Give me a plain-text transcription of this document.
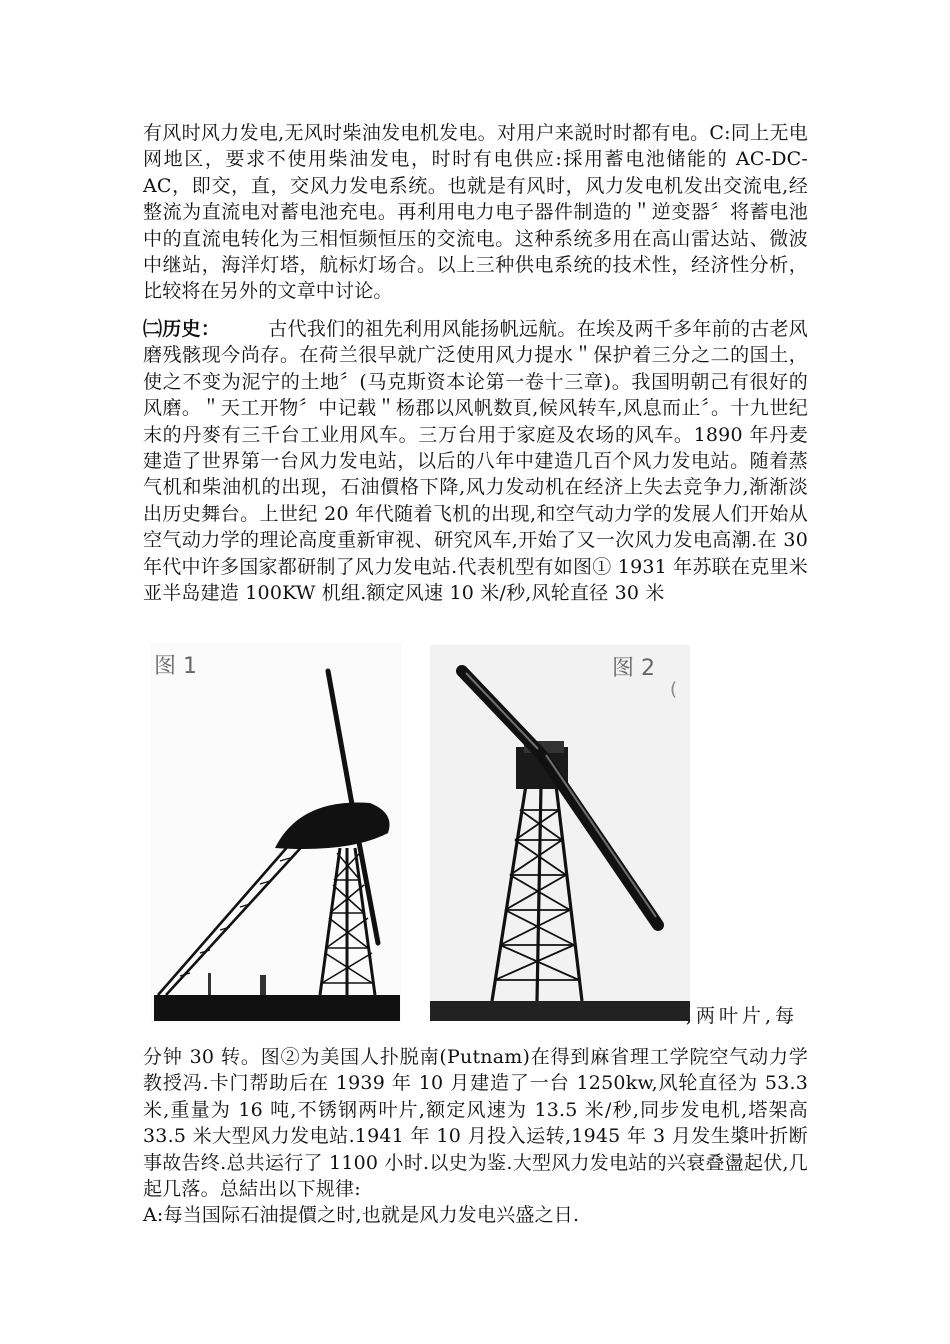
有风时风力发电,无风时柴油发电机发电。对用户来説时时都有电。C:同上无电网地区，要求不使用柴油发电，时时有电供应:採用蓄电池储能的 AC-DC-AC，即交，直，交风力发电系统。也就是有风时，风力发电机发出交流电,经整流为直流电对蓄电池充电。再利用电力电子器件制造的＂逆变器〞将蓄电池中的直流电转化为三相恒频恒压的交流电。这种系统多用在高山雷达站、微波中继站，海洋灯塔，航标灯场合。以上三种供电系统的技术性，经济性分析，比较将在另外的文章中讨论。
㈡历史：	古代我们的祖先利用风能扬帆远航。在埃及两千多年前的古老风磨残骸现今尚存。在荷兰很早就广泛使用风力提水＂保护着三分之二的国土，使之不变为泥宁的土地〞(马克斯资本论第一卷十三章)。我国明朝己有很好的风磨。＂天工开物〞中记载＂杨郡以风帆数頁,候风转车,风息而止〞。十九世纪末的丹麥有三千台工业用风车。三万台用于家庭及农场的风车。1890 年丹麦建造了世界第一台风力发电站，以后的八年中建造几百个风力发电站。随着蒸气机和柴油机的出现，石油價格下降,风力发动机在经济上失去竞争力,渐渐淡出历史舞台。上世纪 20 年代随着飞机的出现,和空气动力学的发展人们开始从空气动力学的理论高度重新审视、研究风车,开始了又一次风力发电高潮.在 30 年代中许多国家都研制了风力发电站.代表机型有如图① 1931 年苏联在克里米亚半岛建造 100KW 机组.额定风速 10 米/秒,风轮直径 30 米
图 1	图 2
(
,两叶片,每
分钟 30 转。图②为美国人扑脱南(Putnam)在得到麻省理工学院空气动力学教授冯.卡门帮助后在 1939 年 10 月建造了一台 1250kw,风轮直径为 53.3 米,重量为 16 吨,不锈钢两叶片,额定风速为 13.5 米/秒,同步发电机,塔架高 33.5 米大型风力发电站.1941 年 10 月投入运转,1945 年 3 月发生槳叶折断事故告终.总共运行了 1100 小时.以史为鉴.大型风力发电站的兴衰叠盪起伏,几起几落。总結出以下规律:
A:每当国际石油提價之时,也就是风力发电兴盛之日.
